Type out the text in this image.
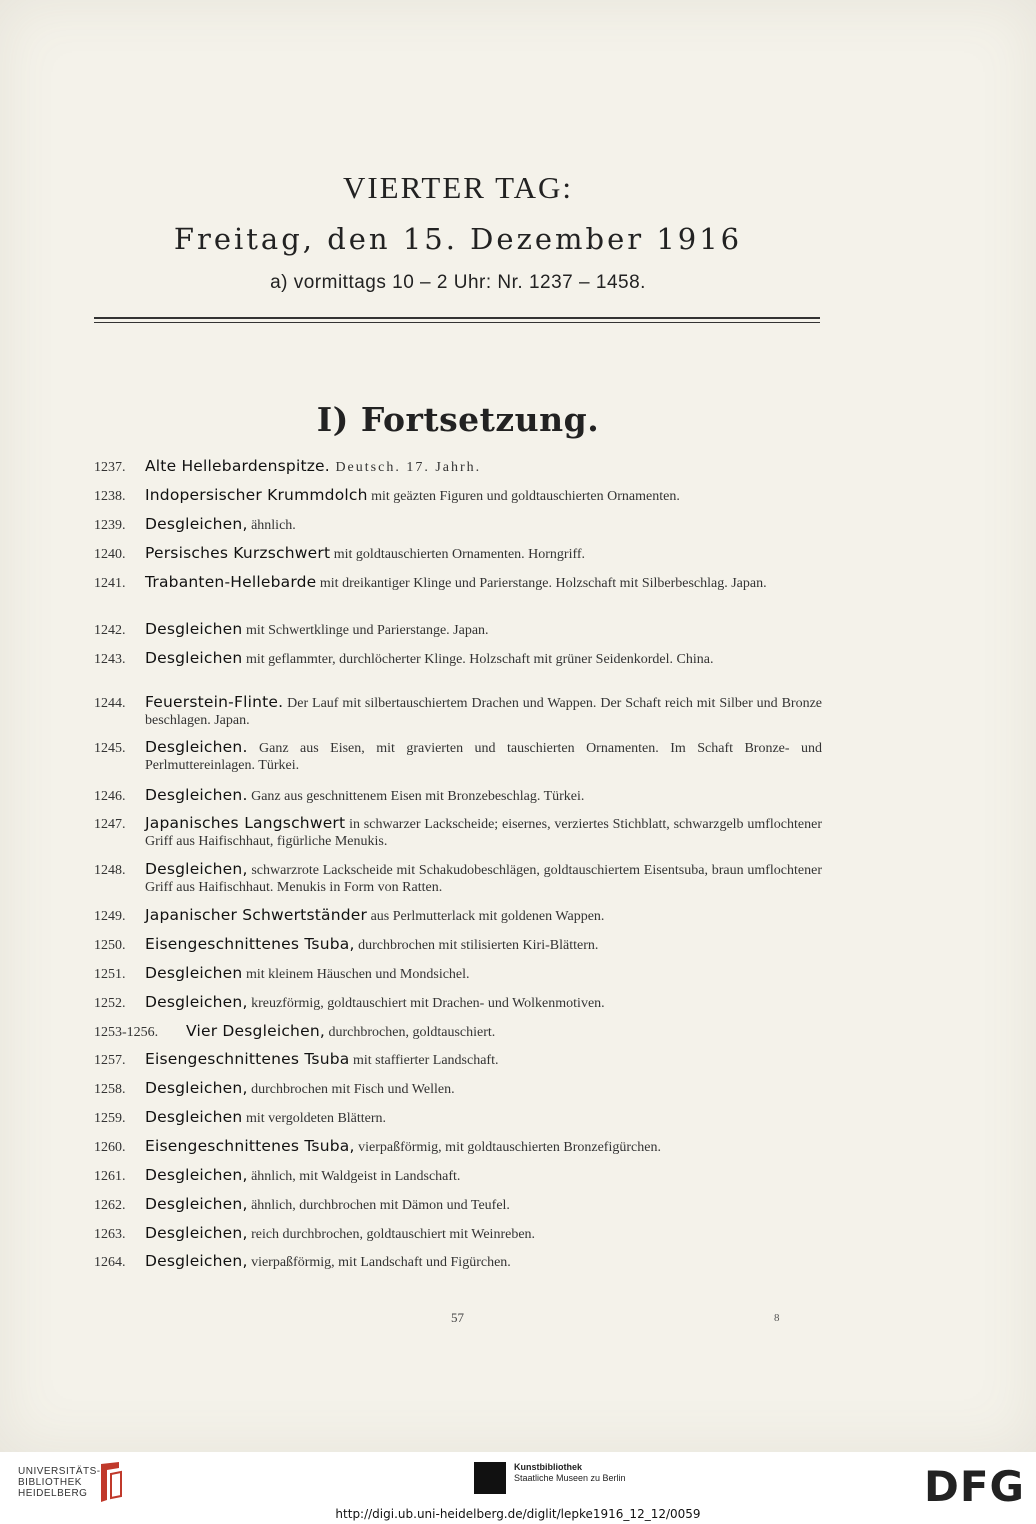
VIERTER TAG:
Freitag, den 15. Dezember 1916
a) vormittags 10 – 2 Uhr: Nr. 1237 – 1458.
I) Fortsetzung.
1237. Alte Hellebardenspitze. Deutsch. 17. Jahrh.
1238. Indopersischer Krummdolch mit geäzten Figuren und goldtauschierten Ornamenten.
1239. Desgleichen, ähnlich.
1240. Persisches Kurzschwert mit goldtauschierten Ornamenten. Horngriff.
1241. Trabanten-Hellebarde mit dreikantiger Klinge und Parierstange. Holzschaft mit Silberbeschlag. Japan.
1242. Desgleichen mit Schwertklinge und Parierstange. Japan.
1243. Desgleichen mit geflammter, durchlöcherter Klinge. Holzschaft mit grüner Seidenkordel. China.
1244. Feuerstein-Flinte. Der Lauf mit silbertauschiertem Drachen und Wappen. Der Schaft reich mit Silber und Bronze beschlagen. Japan.
1245. Desgleichen. Ganz aus Eisen, mit gravierten und tauschierten Ornamenten. Im Schaft Bronze- und Perlmuttereinlagen. Türkei.
1246. Desgleichen. Ganz aus geschnittenem Eisen mit Bronzebeschlag. Türkei.
1247. Japanisches Langschwert in schwarzer Lackscheide; eisernes, verziertes Stichblatt, schwarzgelb umflochtener Griff aus Haifischhaut, figürliche Menukis.
1248. Desgleichen, schwarzrote Lackscheide mit Schakudobeschlägen, goldtauschiertem Eisentsuba, braun umflochtener Griff aus Haifischhaut. Menukis in Form von Ratten.
1249. Japanischer Schwertständer aus Perlmutterlack mit goldenen Wappen.
1250. Eisengeschnittenes Tsuba, durchbrochen mit stilisierten Kiri-Blättern.
1251. Desgleichen mit kleinem Häuschen und Mondsichel.
1252. Desgleichen, kreuzförmig, goldtauschiert mit Drachen- und Wolkenmotiven.
1253-1256. Vier Desgleichen, durchbrochen, goldtauschiert.
1257. Eisengeschnittenes Tsuba mit staffierter Landschaft.
1258. Desgleichen, durchbrochen mit Fisch und Wellen.
1259. Desgleichen mit vergoldeten Blättern.
1260. Eisengeschnittenes Tsuba, vierpaßförmig, mit goldtauschierten Bronzefigürchen.
1261. Desgleichen, ähnlich, mit Waldgeist in Landschaft.
1262. Desgleichen, ähnlich, durchbrochen mit Dämon und Teufel.
1263. Desgleichen, reich durchbrochen, goldtauschiert mit Weinreben.
1264. Desgleichen, vierpaßförmig, mit Landschaft und Figürchen.
57	8
UNIVERSITÄTS-
BIBLIOTHEK
HEIDELBERG
Kunstbibliothek
Staatliche Museen zu Berlin	DFG
http://digi.ub.uni-heidelberg.de/diglit/lepke1916_12_12/0059
